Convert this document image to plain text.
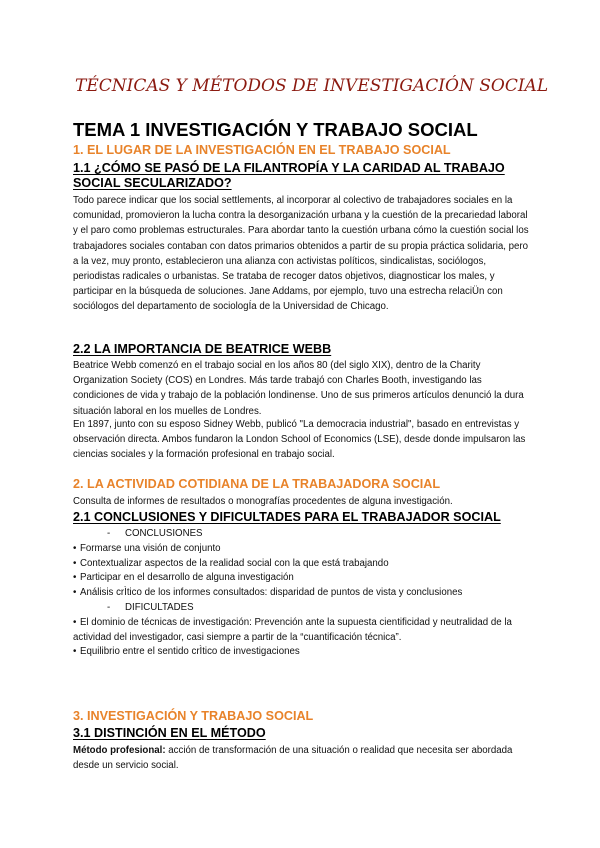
TÉCNICAS Y MÉTODOS DE INVESTIGACIÓN SOCIAL
TEMA 1 INVESTIGACIÓN Y TRABAJO SOCIAL
1. EL LUGAR DE LA INVESTIGACIÓN EN EL TRABAJO SOCIAL
1.1 ¿CÓMO SE PASÓ DE LA FILANTROPÍA Y LA CARIDAD AL TRABAJO SOCIAL SECULARIZADO?

Todo parece indicar que los social settlements, al incorporar al colectivo de trabajadores sociales en la comunidad, promovieron la lucha contra la desorganización urbana y la cuestión de la precariedad laboral y el paro como problemas estructurales. Para abordar tanto la cuestión urbana cómo la cuestión social los trabajadores sociales contaban con datos primarios obtenidos a partir de su propia práctica solidaria, pero a la vez, muy pronto, establecieron una alianza con activistas políticos, sindicalistas, sociólogos, periodistas radicales o urbanistas. Se trataba de recoger datos objetivos, diagnosticar los males, y participar en la búsqueda de soluciones. Jane Addams, por ejemplo, tuvo una estrecha relaciÜn con sociólogos del departamento de sociologÍa de la Universidad de Chicago.

2.2 LA IMPORTANCIA DE BEATRICE WEBB

Beatrice Webb comenzó en el trabajo social en los años 80 (del siglo XIX), dentro de la Charity Organization Society (COS) en Londres. Más tarde trabajó con Charles Booth, investigando las condiciones de vida y trabajo de la población londinense. Uno de sus primeros artículos denunció la dura situación laboral en los muelles de Londres.

En 1897, junto con su esposo Sidney Webb, publicó "La democracia industrial", basado en entrevistas y observación directa. Ambos fundaron la London School of Economics (LSE), desde donde impulsaron las ciencias sociales y la formación profesional en trabajo social.

2. LA ACTIVIDAD COTIDIANA DE LA TRABAJADORA SOCIAL

Consulta de informes de resultados o monografías procedentes de alguna investigación.

2.1 CONCLUSIONES Y DIFICULTADES PARA EL TRABAJADOR SOCIAL
- CONCLUSIONES
• Formarse una visión de conjunto
• Contextualizar aspectos de la realidad social con la que está trabajando
• Participar en el desarrollo de alguna investigación
• Análisis crÌtico de los informes consultados: disparidad de puntos de vista y conclusiones
- DIFICULTADES
• El dominio de técnicas de investigación: Prevención ante la supuesta cientificidad y neutralidad de la actividad del investigador, casi siempre a partir de la “cuantificación técnica”.
• Equilibrio entre el sentido crÌtico de investigaciones
3. INVESTIGACIÓN Y TRABAJO SOCIAL
3.1 DISTINCIÓN EN EL MÉTODO

Método profesional: acción de transformación de una situación o realidad que necesita ser abordada desde un servicio social.
